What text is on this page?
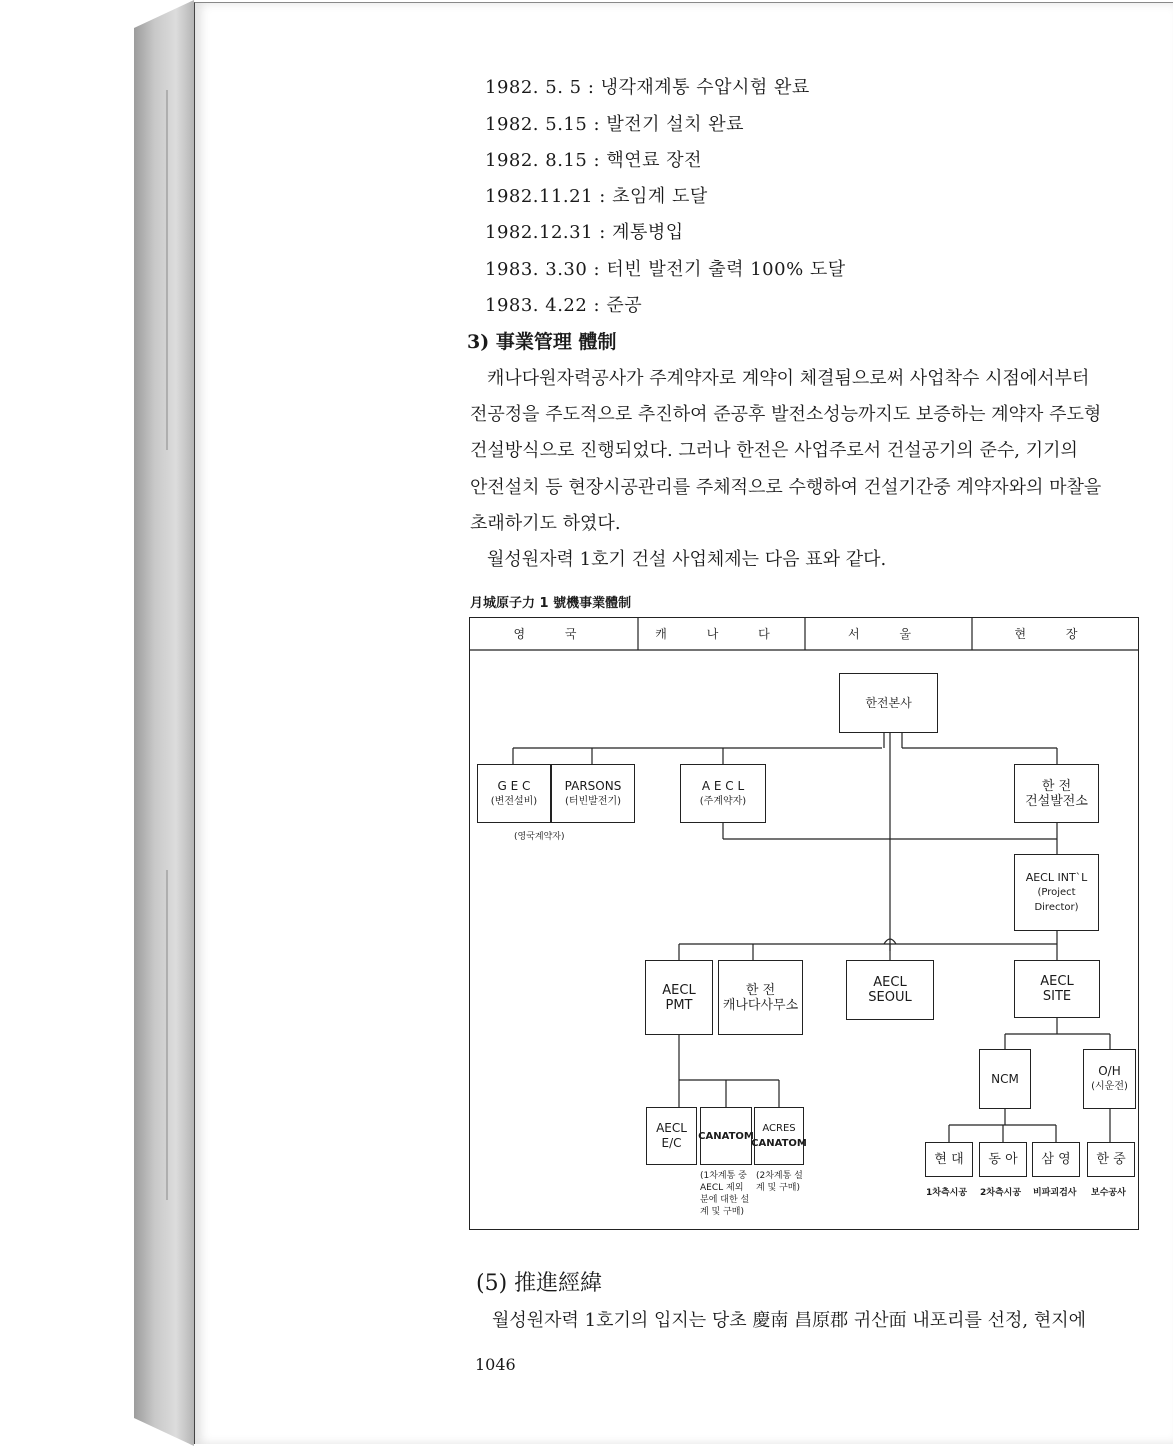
1982. 5. 5 : 냉각재계통 수압시험 완료
1982. 5.15 : 발전기 설치 완료
1982. 8.15 : 핵연료 장전
1982.11.21 : 초임계 도달
1982.12.31 : 계통병입
1983. 3.30 : 터빈 발전기 출력 100% 도달
1983. 4.22 : 준공
3) 事業管理 體制
캐나다원자력공사가 주계약자로 계약이 체결됨으로써 사업착수 시점에서부터
전공정을 주도적으로 추진하여 준공후 발전소성능까지도 보증하는 계약자 주도형
건설방식으로 진행되었다. 그러나 한전은 사업주로서 건설공기의 준수, 기기의
안전설치 등 현장시공관리를 주체적으로 수행하여 건설기간중 계약자와의 마찰을
초래하기도 하였다.
월성원자력 1호기 건설 사업체제는 다음 표와 같다.
月城原子力 1 號機事業體制
영 국	캐 나 다	서 울	현 장
한전본사
G E C
(변전설비)
PARSONS
(터빈발전기)
(영국계약자)
A E C L
(주계약자)
한 전
건설발전소
AECL INT`L
(Project Director)
AECL
PMT
한 전
캐나다사무소
AECL
SEOUL
AECL
SITE
AECL
E/C CANATOM
ACRES
CANATOM
(1차계통 중
AECL 제외
분에 대한 설
계 및 구매)
(2차계통 설
계 및 구매)
NCM
O/H
(시운전)
현 대 동 아 삼 영 한 중
1차측시공 2차측시공 비파괴검사 보수공사
(5) 推進經緯
월성원자력 1호기의 입지는 당초 慶南 昌原郡 귀산面 내포리를 선정, 현지에
1046
